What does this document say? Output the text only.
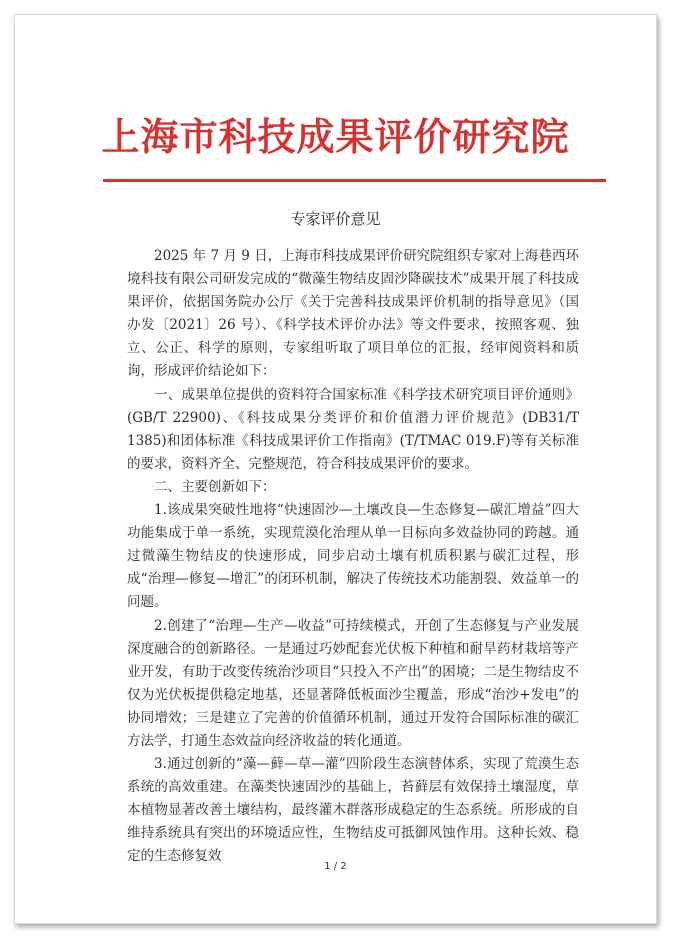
上海市科技成果评价研究院
专家评价意见

2025 年 7 月 9 日，上海市科技成果评价研究院组织专家对上海巷西环境科技有限公司研发完成的“微藻生物结皮固沙降碳技术”成果开展了科技成果评价，依据国务院办公厅《关于完善科技成果评价机制的指导意见》（国办发〔2021〕26 号）、《科学技术评价办法》等文件要求，按照客观、独立、公正、科学的原则，专家组听取了项目单位的汇报，经审阅资料和质询，形成评价结论如下：

一、成果单位提供的资料符合国家标准《科学技术研究项目评价通则》(GB/T 22900)、《科技成果分类评价和价值潜力评价规范》(DB31/T 1385)和团体标准《科技成果评价工作指南》(T/TMAC 019.F)等有关标准的要求，资料齐全、完整规范，符合科技成果评价的要求。

二、主要创新如下：

1.该成果突破性地将“快速固沙—土壤改良—生态修复—碳汇增益”四大功能集成于单一系统，实现荒漠化治理从单一目标向多效益协同的跨越。通过微藻生物结皮的快速形成，同步启动土壤有机质积累与碳汇过程，形成“治理—修复—增汇”的闭环机制，解决了传统技术功能割裂、效益单一的问题。

2.创建了“治理—生产—收益”可持续模式，开创了生态修复与产业发展深度融合的创新路径。一是通过巧妙配套光伏板下种植和耐旱药材栽培等产业开发，有助于改变传统治沙项目“只投入不产出”的困境；二是生物结皮不仅为光伏板提供稳定地基，还显著降低板面沙尘覆盖，形成“治沙+发电”的协同增效；三是建立了完善的价值循环机制，通过开发符合国际标准的碳汇方法学，打通生态效益向经济收益的转化通道。

3.通过创新的“藻—藓—草—灌”四阶段生态演替体系，实现了荒漠生态系统的高效重建。在藻类快速固沙的基础上，苔藓层有效保持土壤湿度，草本植物显著改善土壤结构，最终灌木群落形成稳定的生态系统。所形成的自维持系统具有突出的环境适应性，生物结皮可抵御风蚀作用。这种长效、稳定的生态修复效

1 / 2
